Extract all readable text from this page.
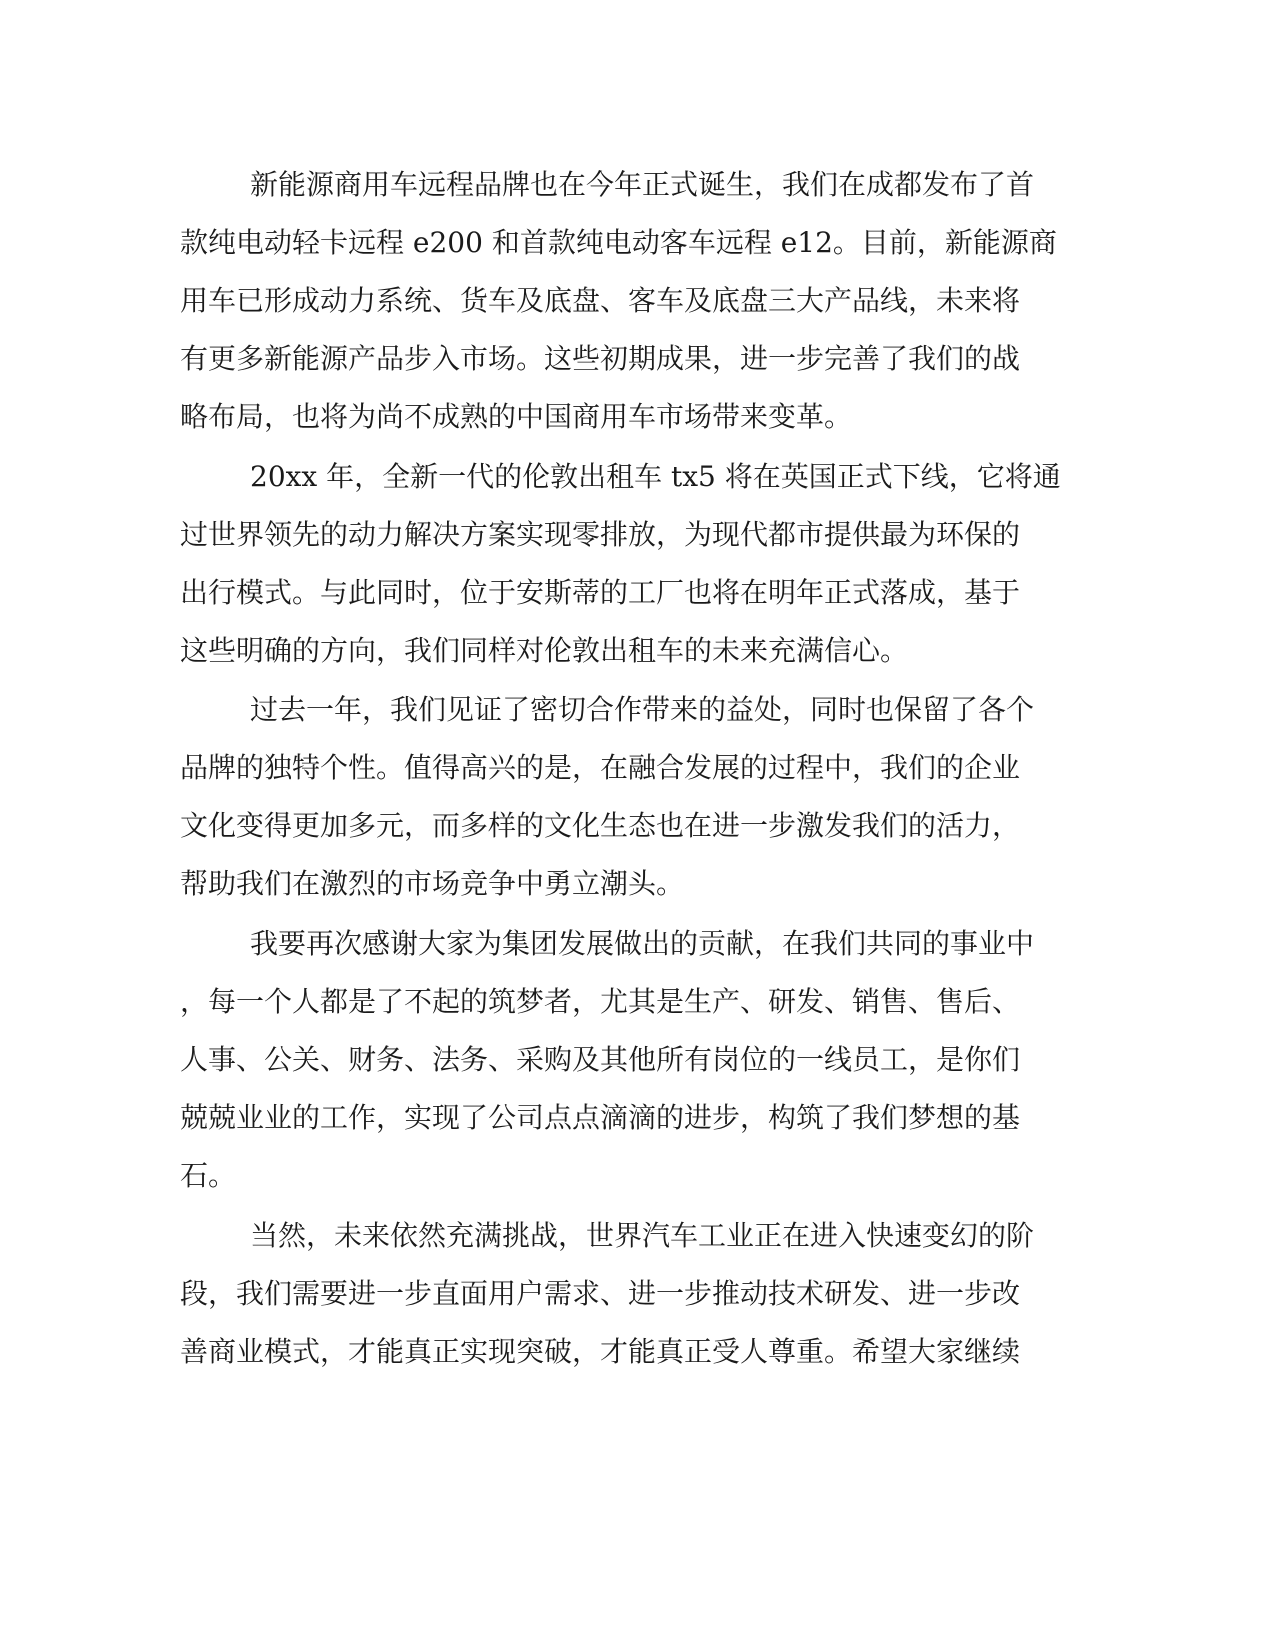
新能源商用车远程品牌也在今年正式诞生，我们在成都发布了首
款纯电动轻卡远程 e200 和首款纯电动客车远程 e12。目前，新能源商
用车已形成动力系统、货车及底盘、客车及底盘三大产品线，未来将
有更多新能源产品步入市场。这些初期成果，进一步完善了我们的战
略布局，也将为尚不成熟的中国商用车市场带来变革。
20xx 年，全新一代的伦敦出租车 tx5 将在英国正式下线，它将通
过世界领先的动力解决方案实现零排放，为现代都市提供最为环保的
出行模式。与此同时，位于安斯蒂的工厂也将在明年正式落成，基于
这些明确的方向，我们同样对伦敦出租车的未来充满信心。
过去一年，我们见证了密切合作带来的益处，同时也保留了各个
品牌的独特个性。值得高兴的是，在融合发展的过程中，我们的企业
文化变得更加多元，而多样的文化生态也在进一步激发我们的活力，
帮助我们在激烈的市场竞争中勇立潮头。
我要再次感谢大家为集团发展做出的贡献，在我们共同的事业中
，每一个人都是了不起的筑梦者，尤其是生产、研发、销售、售后、
人事、公关、财务、法务、采购及其他所有岗位的一线员工，是你们
兢兢业业的工作，实现了公司点点滴滴的进步，构筑了我们梦想的基
石。
当然，未来依然充满挑战，世界汽车工业正在进入快速变幻的阶
段，我们需要进一步直面用户需求、进一步推动技术研发、进一步改
善商业模式，才能真正实现突破，才能真正受人尊重。希望大家继续
